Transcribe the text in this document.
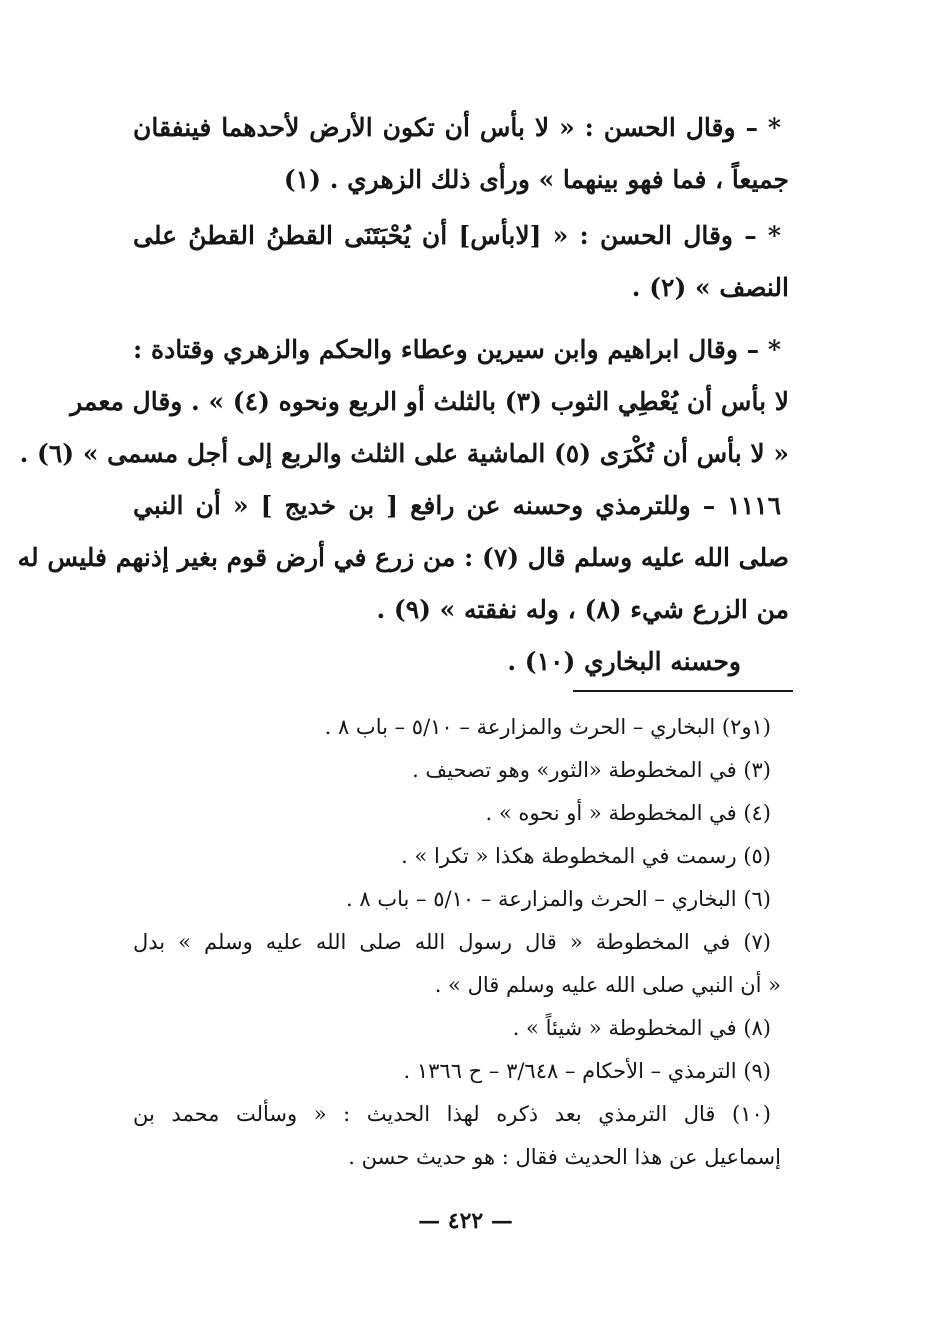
* – وقال الحسن : « لا بأس أن تكون الأرض لأحدهما فينفقان
جميعاً ، فما فهو بينهما » ورأى ذلك الزهري . (١)
* – وقال الحسن : « [لابأس] أن يُحْبَتَنَى القطنُ القطنُ على
النصف » (٢) .
* – وقال ابراهيم وابن سيرين وعطاء والحكم والزهري وقتادة :
لا بأس أن يُعْطِي الثوب (٣) بالثلث أو الربع ونحوه (٤) » . وقال معمر
« لا بأس أن تُكْرَى (٥) الماشية على الثلث والربع إلى أجل مسمى » (٦) .
١١١٦ – وللترمذي وحسنه عن رافع [ بن خديج ] « أن النبي
صلى الله عليه وسلم قال (٧) : من زرع في أرض قوم بغير إذنهم فليس له
من الزرع شيء (٨) ، وله نفقته » (٩) .
وحسنه البخاري (١٠) .
(١و٢) البخاري – الحرث والمزارعة – ٥/١٠ – باب ٨ .
(٣) في المخطوطة «الثور» وهو تصحيف .
(٤) في المخطوطة « أو نحوه » .
(٥) رسمت في المخطوطة هكذا « تكرا » .
(٦) البخاري – الحرث والمزارعة – ٥/١٠ – باب ٨ .
(٧) في المخطوطة « قال رسول الله صلى الله عليه وسلم » بدل
« أن النبي صلى الله عليه وسلم قال » .
(٨) في المخطوطة « شيئاً » .
(٩) الترمذي – الأحكام – ٣/٦٤٨ – ح ١٣٦٦ .
(١٠) قال الترمذي بعد ذكره لهذا الحديث : « وسألت محمد بن
إسماعيل عن هذا الحديث فقال : هو حديث حسن .
— ٤٢٢ —
